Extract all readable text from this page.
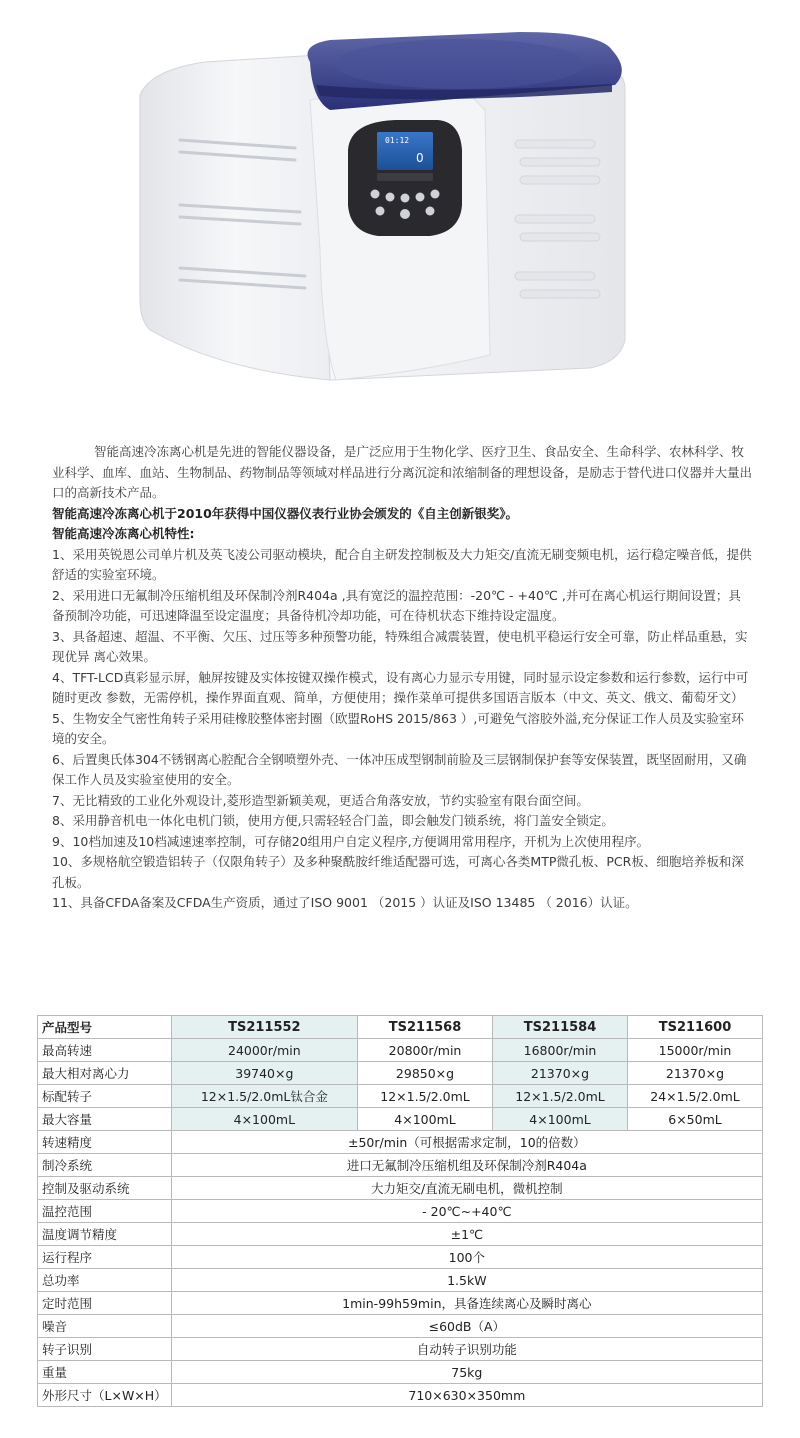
01:12
0

智能高速冷冻离心机是先进的智能仪器设备，是广泛应用于生物化学、医疗卫生、食品安全、生命科学、农林科学、牧业科学、血库、血站、生物制品、药物制品等领域对样品进行分离沉淀和浓缩制备的理想设备，是励志于替代进口仪器并大量出口的高新技术产品。

智能高速冷冻离心机于2010年获得中国仪器仪表行业协会颁发的《自主创新银奖》。

智能高速冷冻离心机特性:

1、采用英锐恩公司单片机及英飞凌公司驱动模块，配合自主研发控制板及大力矩交/直流无刷变频电机，运行稳定噪音低，提供舒适的实验室环境。

2、采用进口无氟制冷压缩机组及环保制冷剂R404a ,具有宽泛的温控范围：-20℃ - +40℃ ,并可在离心机运行期间设置；具备预制冷功能，可迅速降温至设定温度；具备待机冷却功能，可在待机状态下维持设定温度。

3、具备超速、超温、不平衡、欠压、过压等多种预警功能，特殊组合减震装置，使电机平稳运行安全可靠，防止样品重悬，实现优异 离心效果。

4、TFT-LCD真彩显示屏，触屏按键及实体按键双操作模式，设有离心力显示专用键，同时显示设定参数和运行参数，运行中可随时更改 参数，无需停机，操作界面直观、简单，方便使用；操作菜单可提供多国语言版本（中文、英文、俄文、葡萄牙文）

5、生物安全气密性角转子采用硅橡胶整体密封圈（欧盟RoHS 2015/863 ）,可避免气溶胶外溢,充分保证工作人员及实验室环境的安全。

6、后置奥氏体304不锈钢离心腔配合全钢喷塑外壳、一体冲压成型钢制前脸及三层钢制保护套等安保装置，既坚固耐用，又确保工作人员及实验室使用的安全。

7、无比精致的工业化外观设计,菱形造型新颖美观，更适合角落安放，节约实验室有限台面空间。

8、采用静音机电一体化电机门锁，使用方便,只需轻轻合门盖，即会触发门锁系统，将门盖安全锁定。

9、10档加速及10档减速速率控制，可存储20组用户自定义程序,方便调用常用程序，开机为上次使用程序。

10、多规格航空锻造铝转子（仅限角转子）及多种聚酰胺纤维适配器可选，可离心各类MTP微孔板、PCR板、细胞培养板和深孔板。

11、具备CFDA备案及CFDA生产资质，通过了ISO 9001 （2015 ）认证及ISO 13485 （ 2016）认证。

产品型号	TS211552	TS211568	TS211584	TS211600
最高转速	24000r/min	20800r/min	16800r/min	15000r/min
最大相对离心力	39740×g	29850×g	21370×g	21370×g
标配转子	12×1.5/2.0mL钛合金	12×1.5/2.0mL	12×1.5/2.0mL	24×1.5/2.0mL
最大容量	4×100mL	4×100mL	4×100mL	6×50mL
转速精度	±50r/min（可根据需求定制，10的倍数）			
制冷系统	进口无氟制冷压缩机组及环保制冷剂R404a			
控制及驱动系统	大力矩交/直流无刷电机，微机控制			
温控范围	- 20℃~+40℃			
温度调节精度	±1℃			
运行程序	100个			
总功率	1.5kW			
定时范围	1min-99h59min，具备连续离心及瞬时离心			
噪音	≤60dB（A）			
转子识别	自动转子识别功能			
重量	75kg			
外形尺寸（L×W×H）	710×630×350mm			
